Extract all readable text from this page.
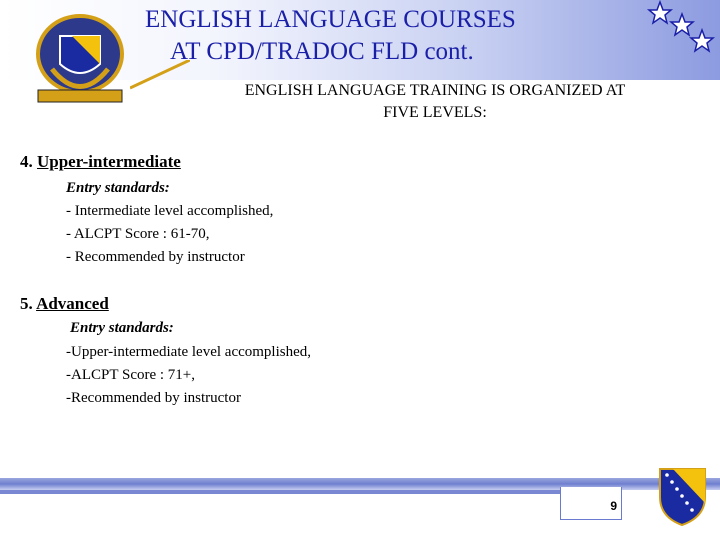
ENGLISH LANGUAGE COURSES
AT CPD/TRADOC FLD cont.
ENGLISH LANGUAGE TRAINING IS ORGANIZED AT
FIVE LEVELS:
4. Upper-intermediate
Entry standards:
- Intermediate level accomplished,
- ALCPT Score : 61-70,
- Recommended by instructor
5. Advanced
Entry standards:
-Upper-intermediate level accomplished,
-ALCPT Score : 71+,
-Recommended by instructor
9
